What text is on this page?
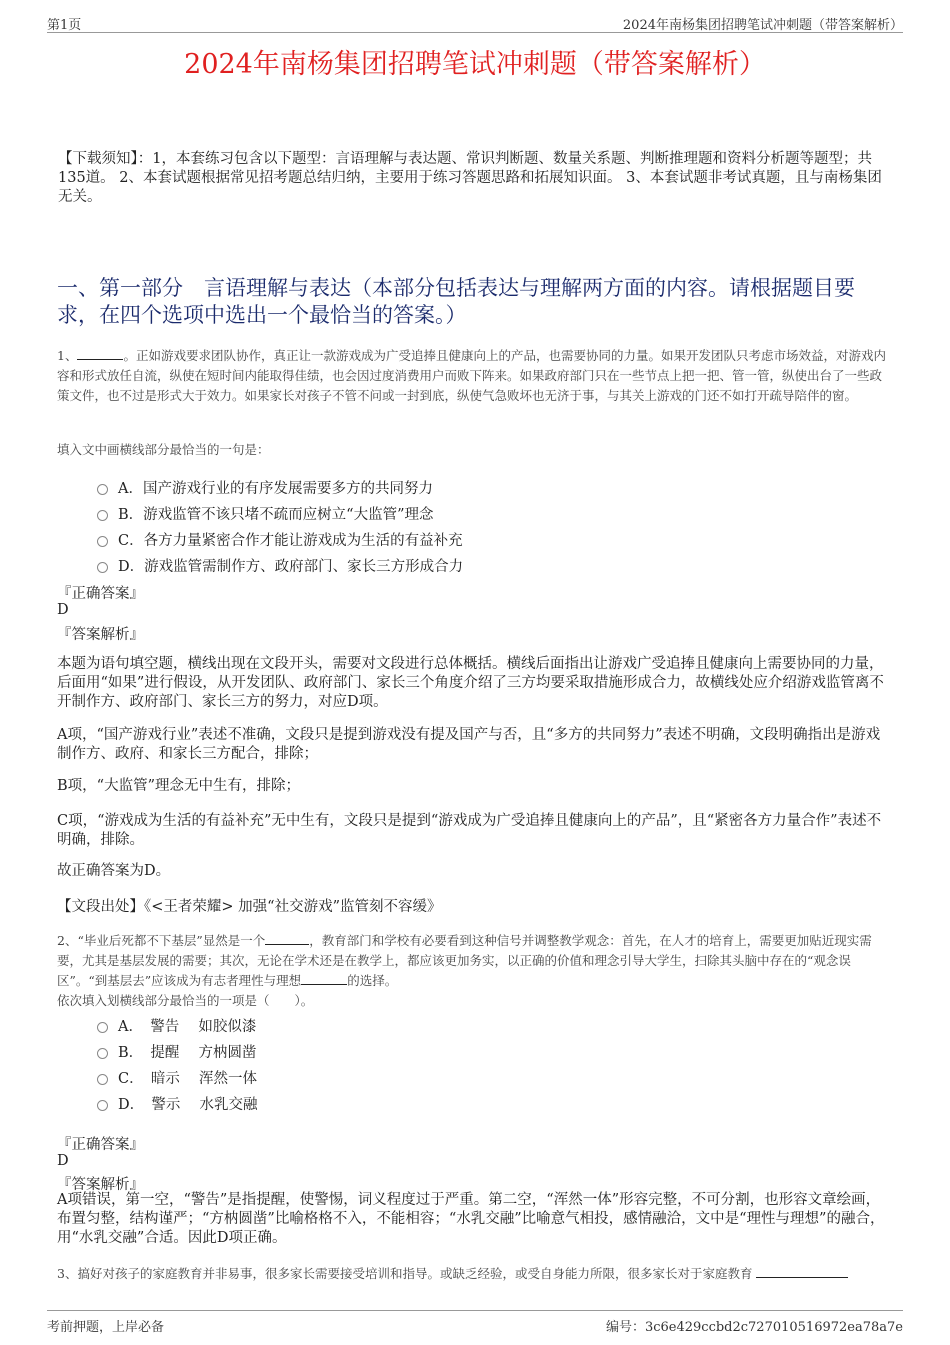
第1页	2024年南杨集团招聘笔试冲刺题（带答案解析）
2024年南杨集团招聘笔试冲刺题（带答案解析）
【下载须知】：1，本套练习包含以下题型：言语理解与表达题、常识判断题、数量关系题、判断推理题和资料分析题等题型；共135道。 2、本套试题根据常见招考题总结归纳，主要用于练习答题思路和拓展知识面。 3、本套试题非考试真题，且与南杨集团无关。
一、第一部分　言语理解与表达（本部分包括表达与理解两方面的内容。请根据题目要求，在四个选项中选出一个最恰当的答案。）
1、	。正如游戏要求团队协作，真正让一款游戏成为广受追捧且健康向上的产品，也需要协同的力量。如果开发团队只考虑市场效益，对游戏内容和形式放任自流，纵使在短时间内能取得佳绩，也会因过度消费用户而败下阵来。如果政府部门只在一些节点上把一把、管一管，纵使出台了一些政策文件，也不过是形式大于效力。如果家长对孩子不管不问或一封到底，纵使气急败坏也无济于事，与其关上游戏的门还不如打开疏导陪伴的窗。
填入文中画横线部分最恰当的一句是：
A．国产游戏行业的有序发展需要多方的共同努力
B．游戏监管不该只堵不疏而应树立“大监管”理念
C．各方力量紧密合作才能让游戏成为生活的有益补充
D．游戏监管需制作方、政府部门、家长三方形成合力
『正确答案』
D
『答案解析』
本题为语句填空题，横线出现在文段开头，需要对文段进行总体概括。横线后面指出让游戏广受追捧且健康向上需要协同的力量，后面用“如果”进行假设，从开发团队、政府部门、家长三个角度介绍了三方均要采取措施形成合力，故横线处应介绍游戏监管离不开制作方、政府部门、家长三方的努力，对应D项。
A项，“国产游戏行业”表述不准确，文段只是提到游戏没有提及国产与否，且“多方的共同努力”表述不明确，文段明确指出是游戏制作方、政府、和家长三方配合，排除；
B项，“大监管”理念无中生有，排除；
C项，“游戏成为生活的有益补充”无中生有，文段只是提到“游戏成为广受追捧且健康向上的产品”，且“紧密各方力量合作”表述不明确，排除。
故正确答案为D。
【文段出处】《<王者荣耀> 加强“社交游戏”监管刻不容缓》
2、“毕业后死都不下基层”显然是一个	，教育部门和学校有必要看到这种信号并调整教学观念：首先，在人才的培育上，需要更加贴近现实需要，尤其是基层发展的需要；其次，无论在学术还是在教学上，都应该更加务实，以正确的价值和理念引导大学生，扫除其头脑中存在的“观念误区”。“到基层去”应该成为有志者理性与理想	的选择。
依次填入划横线部分最恰当的一项是（　　）。
A．　警告　 如胶似漆
B．　提醒　 方枘圆凿
C．　暗示　 浑然一体
D．　警示　 水乳交融
『正确答案』
D
『答案解析』
A项错误，第一空，“警告”是指提醒，使警惕，词义程度过于严重。第二空，“浑然一体”形容完整，不可分割，也形容文章绘画，布置匀整，结构谨严；“方枘圆凿”比喻格格不入，不能相容；“水乳交融”比喻意气相投，感情融洽，文中是“理性与理想”的融合，用“水乳交融”合适。因此D项正确。
3、搞好对孩子的家庭教育并非易事，很多家长需要接受培训和指导。或缺乏经验，或受自身能力所限，很多家长对于家庭教育
考前押题，上岸必备	编号：3c6e429ccbd2c727010516972ea78a7e
